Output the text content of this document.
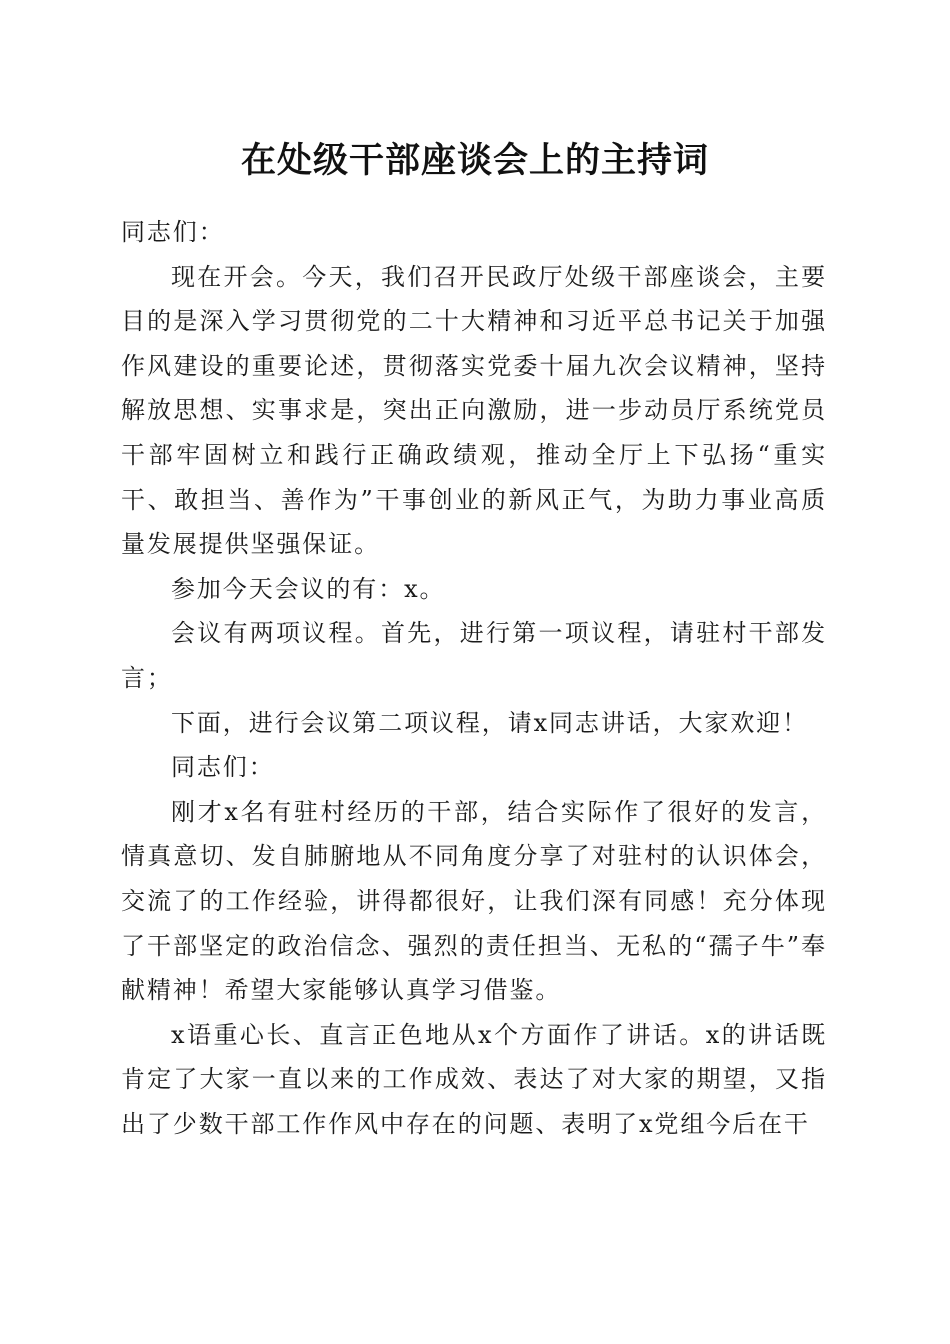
在处级干部座谈会上的主持词

同志们：

现在开会。今天，我们召开民政厅处级干部座谈会，主要目的是深入学习贯彻党的二十大精神和习近平总书记关于加强作风建设的重要论述，贯彻落实党委十届九次会议精神，坚持解放思想、实事求是，突出正向激励，进一步动员厅系统党员干部牢固树立和践行正确政绩观，推动全厅上下弘扬“重实干、敢担当、善作为”干事创业的新风正气，为助力事业高质量发展提供坚强保证。

参加今天会议的有：x。

会议有两项议程。首先，进行第一项议程，请驻村干部发言；

下面，进行会议第二项议程，请x同志讲话，大家欢迎！

同志们：

刚才x名有驻村经历的干部，结合实际作了很好的发言，情真意切、发自肺腑地从不同角度分享了对驻村的认识体会，交流了的工作经验，讲得都很好，让我们深有同感！充分体现了干部坚定的政治信念、强烈的责任担当、无私的“孺子牛”奉献精神！希望大家能够认真学习借鉴。

x语重心长、直言正色地从x个方面作了讲话。x的讲话既肯定了大家一直以来的工作成效、表达了对大家的期望，又指出了少数干部工作作风中存在的问题、表明了x党组今后在干
